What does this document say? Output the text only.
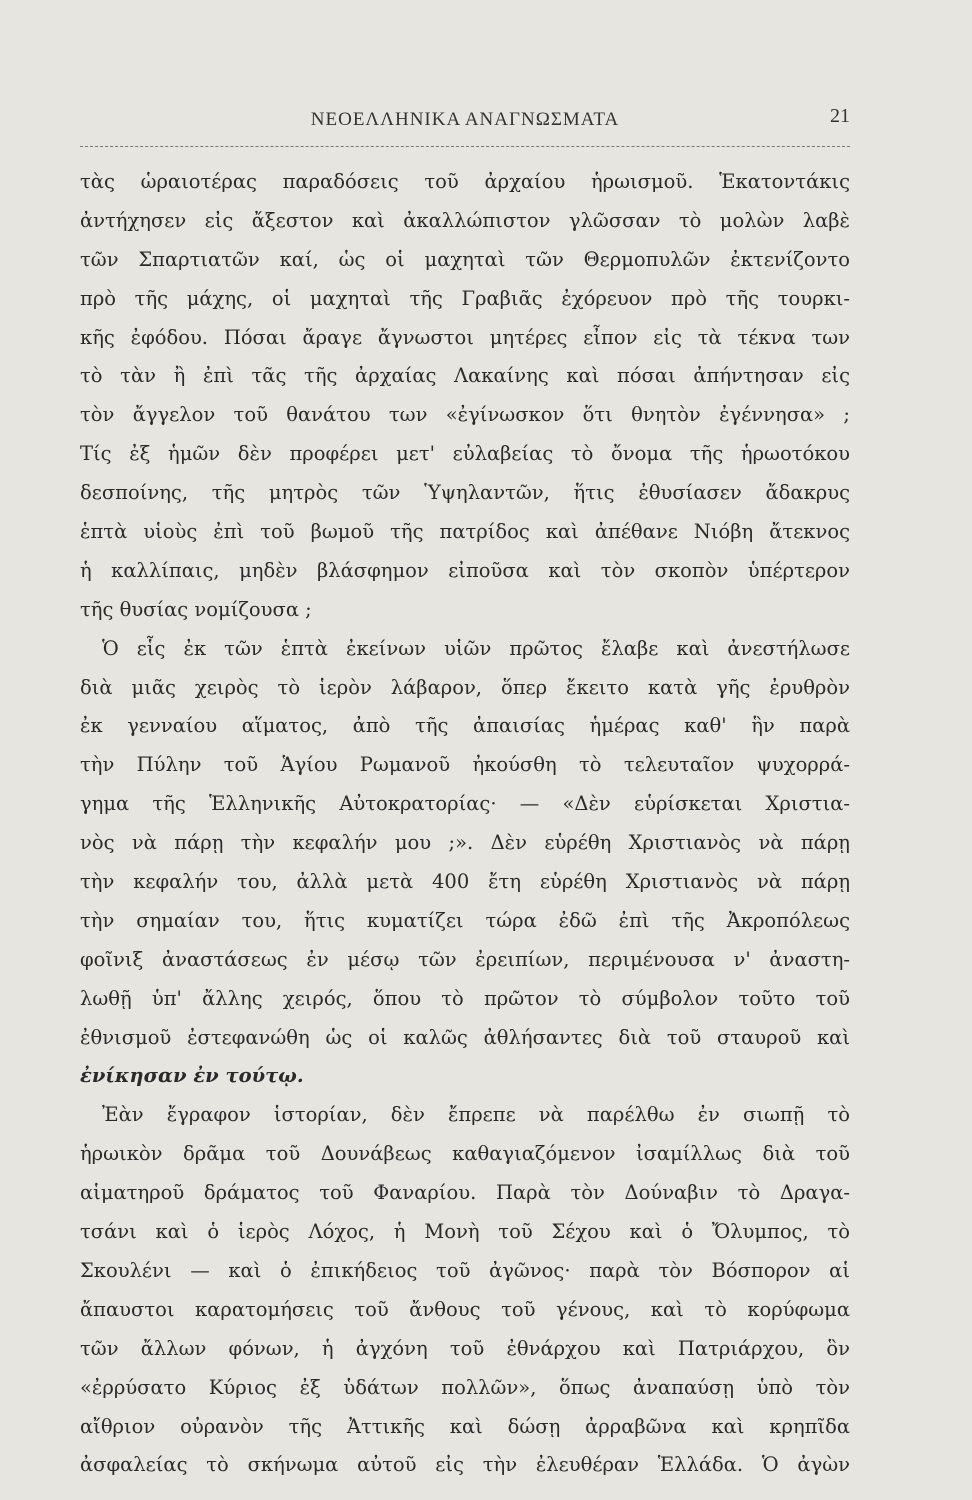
ΝΕΟΕΛΛΗΝΙΚΑ ΑΝΑΓΝΩΣΜΑΤΑ	21
τὰς ὡραιοτέρας παραδόσεις τοῦ ἀρχαίου ἡρωισμοῦ. Ἑκατοντάκις
ἀντήχησεν εἰς ἄξεστον καὶ ἀκαλλώπιστον γλῶσσαν τὸ μολὼν λαβὲ
τῶν Σπαρτιατῶν καί, ὡς οἱ μαχηταὶ τῶν Θερμοπυλῶν ἐκτενίζοντο
πρὸ τῆς μάχης, οἱ μαχηταὶ τῆς Γραβιᾶς ἐχόρευον πρὸ τῆς τουρκι-
κῆς ἐφόδου. Πόσαι ἄραγε ἄγνωστοι μητέρες εἶπον εἰς τὰ τέκνα των
τὸ τὰν ἢ ἐπὶ τᾶς τῆς ἀρχαίας Λακαίνης καὶ πόσαι ἀπήντησαν εἰς
τὸν ἄγγελον τοῦ θανάτου των «ἐγίνωσκον ὅτι θνητὸν ἐγέννησα» ;
Τίς ἐξ ἡμῶν δὲν προφέρει μετ' εὐλαβείας τὸ ὄνομα τῆς ἡρωοτόκου
δεσποίνης, τῆς μητρὸς τῶν Ὑψηλαντῶν, ἥτις ἐθυσίασεν ἄδακρυς
ἑπτὰ υἱοὺς ἐπὶ τοῦ βωμοῦ τῆς πατρίδος καὶ ἀπέθανε Νιόβη ἄτεκνος
ἡ καλλίπαις, μηδὲν βλάσφημον εἰποῦσα καὶ τὸν σκοπὸν ὑπέρτερον
τῆς θυσίας νομίζουσα ;
Ὁ εἷς ἐκ τῶν ἑπτὰ ἐκείνων υἱῶν πρῶτος ἔλαβε καὶ ἀνεστήλωσε
διὰ μιᾶς χειρὸς τὸ ἱερὸν λάβαρον, ὅπερ ἔκειτο κατὰ γῆς ἐρυθρὸν
ἐκ γενναίου αἵματος, ἀπὸ τῆς ἀπαισίας ἡμέρας καθ' ἣν παρὰ
τὴν Πύλην τοῦ Ἁγίου Ρωμανοῦ ἠκούσθη τὸ τελευταῖον ψυχορρά-
γημα τῆς Ἑλληνικῆς Αὐτοκρατορίας· — «Δὲν εὑρίσκεται Χριστια-
νὸς νὰ πάρῃ τὴν κεφαλήν μου ;». Δὲν εὑρέθη Χριστιανὸς νὰ πάρῃ
τὴν κεφαλήν του, ἀλλὰ μετὰ 400 ἔτη εὑρέθη Χριστιανὸς νὰ πάρῃ
τὴν σημαίαν του, ἥτις κυματίζει τώρα ἐδῶ ἐπὶ τῆς Ἀκροπόλεως
φοῖνιξ ἀναστάσεως ἐν μέσῳ τῶν ἐρειπίων, περιμένουσα ν' ἀναστη-
λωθῇ ὑπ' ἄλλης χειρός, ὅπου τὸ πρῶτον τὸ σύμβολον τοῦτο τοῦ
ἐθνισμοῦ ἐστεφανώθη ὡς οἱ καλῶς ἀθλήσαντες διὰ τοῦ σταυροῦ καὶ
ἐνίκησαν ἐν τούτῳ.
Ἐὰν ἔγραφον ἱστορίαν, δὲν ἔπρεπε νὰ παρέλθω ἐν σιωπῇ τὸ
ἡρωικὸν δρᾶμα τοῦ Δουνάβεως καθαγιαζόμενον ἰσαμίλλως διὰ τοῦ
αἱματηροῦ δράματος τοῦ Φαναρίου. Παρὰ τὸν Δούναβιν τὸ Δραγα-
τσάνι καὶ ὁ ἱερὸς Λόχος, ἡ Μονὴ τοῦ Σέχου καὶ ὁ Ὄλυμπος, τὸ
Σκουλένι — καὶ ὁ ἐπικήδειος τοῦ ἀγῶνος· παρὰ τὸν Βόσπορον αἱ
ἄπαυστοι καρατομήσεις τοῦ ἄνθους τοῦ γένους, καὶ τὸ κορύφωμα
τῶν ἄλλων φόνων, ἡ ἀγχόνη τοῦ ἐθνάρχου καὶ Πατριάρχου, ὃν
«ἐρρύσατο Κύριος ἐξ ὑδάτων πολλῶν», ὅπως ἀναπαύσῃ ὑπὸ τὸν
αἴθριον οὐρανὸν τῆς Ἀττικῆς καὶ δώσῃ ἀρραβῶνα καὶ κρηπῖδα
ἀσφαλείας τὸ σκήνωμα αὐτοῦ εἰς τὴν ἐλευθέραν Ἑλλάδα. Ὁ ἀγὼν
